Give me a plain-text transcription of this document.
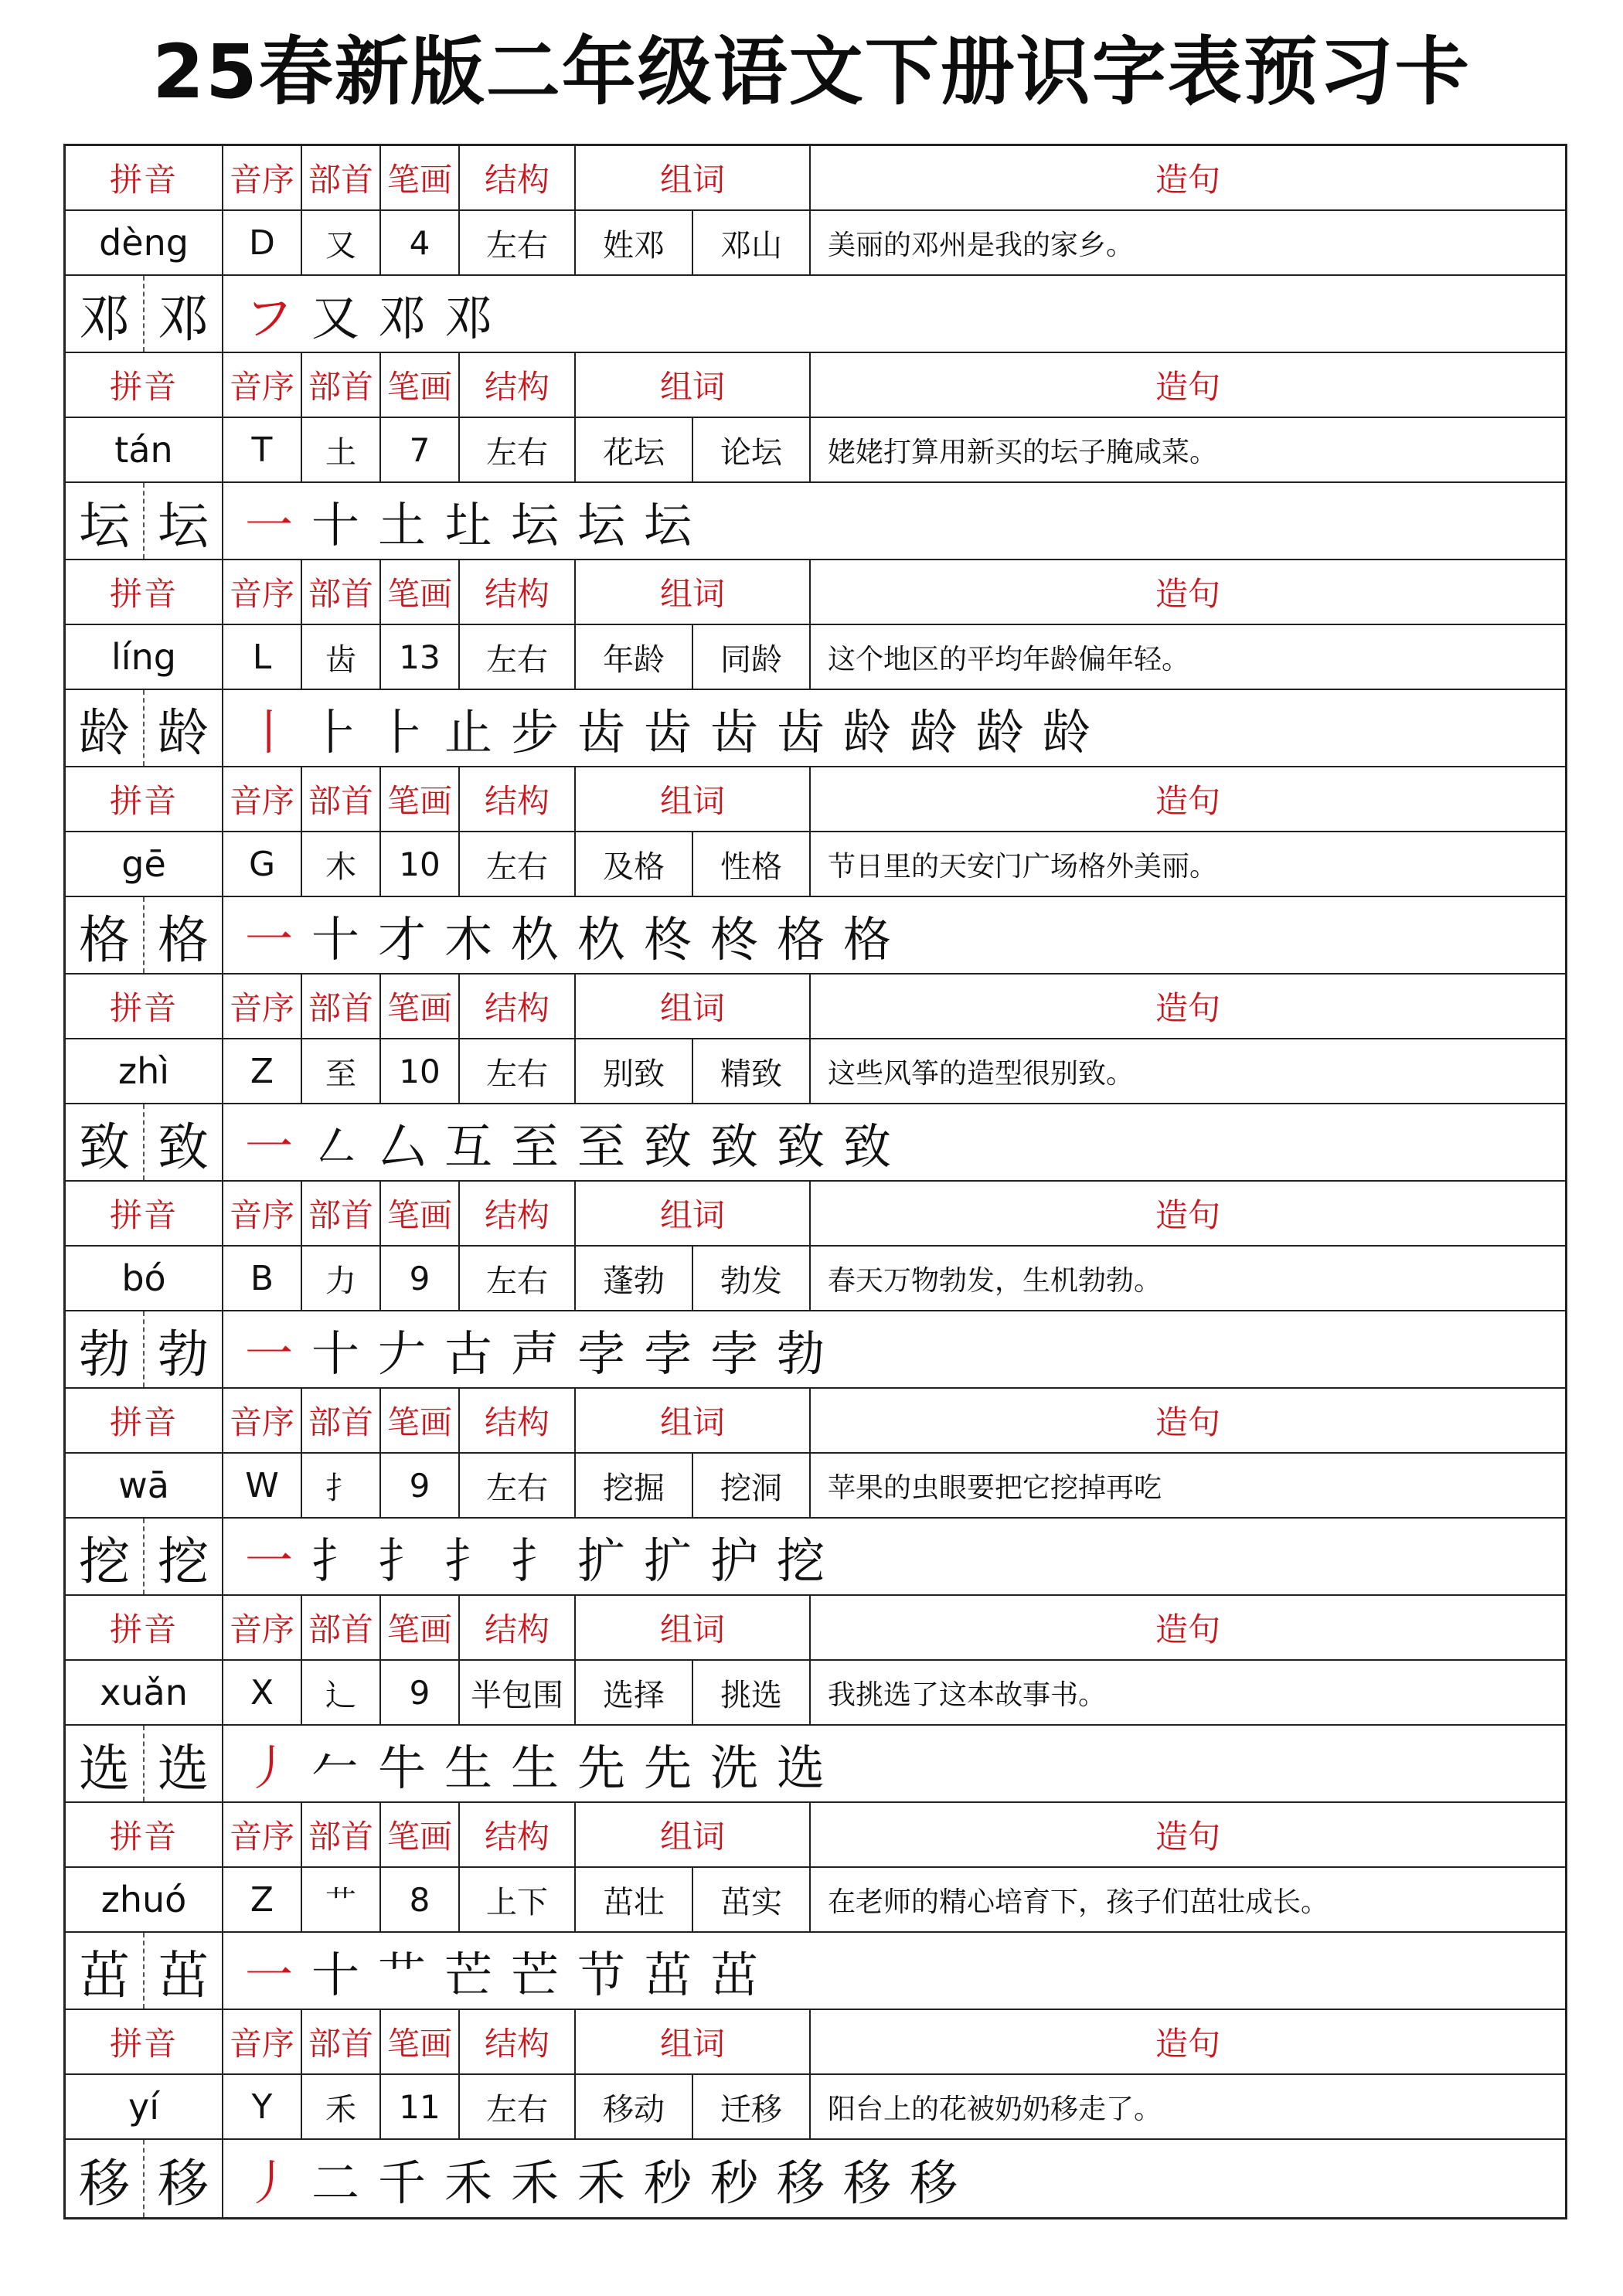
25春新版二年级语文下册识字表预习卡
拼音	音序 部首 笔画 结构	组词	造句
dèng	D	又	4	左右	姓邓	邓山	美丽的邓州是我的家乡。
邓 邓 フ 又 邓 邓
拼音	音序 部首 笔画 结构	组词	造句
tán	T	土	7	左右	花坛	论坛	姥姥打算用新买的坛子腌咸菜。
坛 坛 一 十 土 圵 坛 坛 坛
拼音	音序 部首 笔画 结构	组词	造句
líng	L	齿	13	左右	年龄	同龄	这个地区的平均年龄偏年轻。
龄 龄 丨 ⺊ ⺊ 止 步 齿 齿 齿 齿 龄 龄 龄 龄
拼音	音序 部首 笔画 结构	组词	造句
gē	G	木	10	左右	及格	性格	节日里的天安门广场格外美丽。
格 格 一 十 才 木 杦 杦 柊 柊 格 格
拼音	音序 部首 笔画 结构	组词	造句
zhì	Z	至	10	左右	别致	精致	这些风筝的造型很别致。
致 致 一 ㇜ 厶 互 至 至 致 致 致 致
拼音	音序 部首 笔画 结构	组词	造句
bó	B	力	9	左右	蓬勃	勃发	春天万物勃发，生机勃勃。
勃 勃 一 十 𠂇 古 声 孛 孛 孛 勃
拼音	音序 部首 笔画 结构	组词	造句
wā	W	扌	9	左右	挖掘	挖洞	苹果的虫眼要把它挖掉再吃
挖 挖 一 扌 扌 扌 扌 扩 扩 护 挖
拼音	音序 部首 笔画 结构	组词	造句
xuǎn	X	辶	9	半包围	选择	挑选	我挑选了这本故事书。
选 选 丿 𠂉 牛 生 生 先 先 洗 选
拼音	音序 部首 笔画 结构	组词	造句
zhuó	Z	艹	8	上下	茁壮	茁实	在老师的精心培育下，孩子们茁壮成长。
茁 茁 一 十 艹 芒 芒 节 茁 茁
拼音	音序 部首 笔画 结构	组词	造句
yí	Y	禾	11	左右	移动	迁移	阳台上的花被奶奶移走了。
移 移 丿 二 千 禾 禾 禾 秒 秒 移 移 移
